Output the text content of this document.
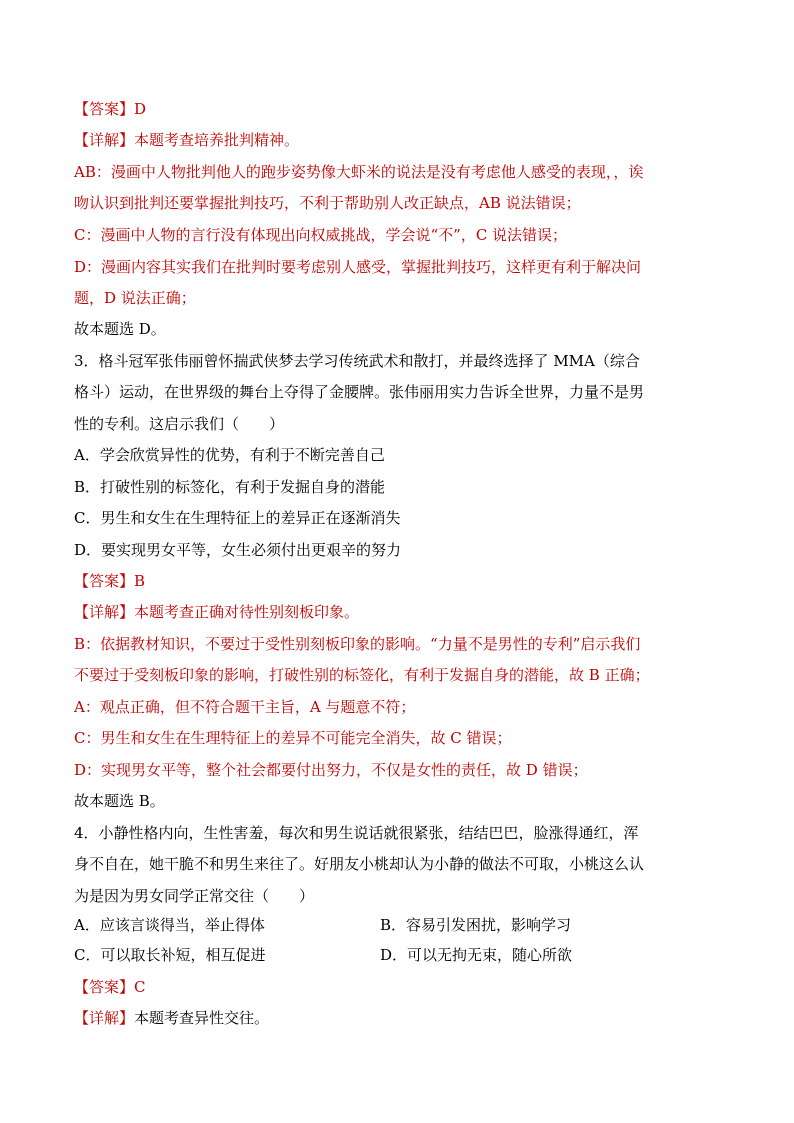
【答案】D
【详解】本题考查培养批判精神。
AB：漫画中人物批判他人的跑步姿势像大虾米的说法是没有考虑他人感受的表现，，诶
吻认识到批判还要掌握批判技巧，不利于帮助别人改正缺点，AB 说法错误；
C：漫画中人物的言行没有体现出向权威挑战，学会说“不”，C 说法错误；
D：漫画内容其实我们在批判时要考虑别人感受，掌握批判技巧，这样更有利于解决问
题，D 说法正确；
故本题选 D。
3．格斗冠军张伟丽曾怀揣武侠梦去学习传统武术和散打，并最终选择了 MMA（综合
格斗）运动，在世界级的舞台上夺得了金腰牌。张伟丽用实力告诉全世界，力量不是男
性的专利。这启示我们（　　）
A．学会欣赏异性的优势，有利于不断完善自己
B．打破性别的标签化，有利于发掘自身的潜能
C．男生和女生在生理特征上的差异正在逐渐消失
D．要实现男女平等，女生必须付出更艰辛的努力
【答案】B
【详解】本题考查正确对待性别刻板印象。
B：依据教材知识，不要过于受性别刻板印象的影响。“力量不是男性的专利”启示我们
不要过于受刻板印象的影响，打破性别的标签化，有利于发掘自身的潜能，故 B 正确；
A：观点正确，但不符合题干主旨，A 与题意不符；
C：男生和女生在生理特征上的差异不可能完全消失，故 C 错误；
D：实现男女平等，整个社会都要付出努力，不仅是女性的责任，故 D 错误；
故本题选 B。
4．小静性格内向，生性害羞，每次和男生说话就很紧张，结结巴巴，脸涨得通红，浑
身不自在，她干脆不和男生来往了。好朋友小桃却认为小静的做法不可取，小桃这么认
为是因为男女同学正常交往（　　）
A．应该言谈得当，举止得体	B．容易引发困扰，影响学习
C．可以取长补短，相互促进	D．可以无拘无束，随心所欲
【答案】C
【详解】本题考查异性交往。
